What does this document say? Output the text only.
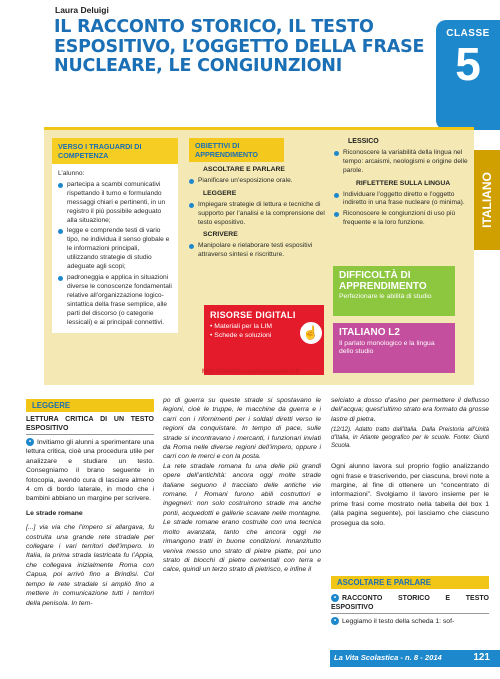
Laura Deluigi
IL RACCONTO STORICO, IL TESTO
ESPOSITIVO, L’OGGETTO DELLA FRASE
NUCLEARE, LE CONGIUNZIONI
CLASSE
5
ITALIANO
VERSO I TRAGUARDI DI COMPETENZA
L’alunno:
partecipa a scambi comunicativi rispettando il turno e formulando messaggi chiari e pertinenti, in un registro il più possibile adeguato alla situazione;
legge e comprende testi di vario tipo, ne individua il senso globale e le informazioni principali, utilizzando strategie di studio adeguate agli scopi;
padroneggia e applica in situazioni diverse le conoscenze fondamentali relative all’organizzazione logico-sintattica della frase semplice, alle parti del discorso (o categorie lessicali) e ai principali connettivi.
OBIETTIVI DI APPRENDIMENTO
ASCOLTARE E PARLARE
Pianificare un’esposizione orale.
LEGGERE
Impiegare strategie di lettura e tecniche di supporto per l’analisi e la comprensione del testo espositivo.
SCRIVERE
Manipolare e rielaborare testi espositivi attraverso sintesi e riscritture.
LESSICO
Riconoscere la variabilità della lingua nel tempo: arcaismi, neologismi e origine delle parole.
RIFLETTERE SULLA LINGUA
Individuare l’oggetto diretto e l’oggetto indiretto in una frase nucleare (o minima).
Riconoscere le congiunzioni di uso più frequente e la loro funzione.
RISORSE DIGITALI
• Materiali per la LIM
• Schede e soluzioni	☝
http://didattica.lavitascolastica.it
DIFFICOLTÀ DI APPRENDIMENTO
Perfezionare le abilità di studio
ITALIANO L2
Il parlato monologico e la lingua dello studio
LEGGERE
LETTURA CRITICA DI UN TESTO ESPOSITIVO
• Invitiamo gli alunni a sperimentare una lettura critica, cioè una procedura utile per analizzare e studiare un testo. Consegniamo il brano seguente in fotocopia, avendo cura di lasciare almeno 4 cm di bordo laterale, in modo che i bambini abbiano un margine per scrivere.
Le strade romane
[...] via via che l’impero si allargava, fu costruita una grande rete stradale per collegare i vari territori dell’impero. In Italia, la prima strada lastricata fu l’Appia, che collegava inizialmente Roma con Capua, poi arrivò fino a Brindisi. Col tempo le rete stradale si ampliò fino a mettere in comunicazione tutti i territori della penisola. In tem-
po di guerra su queste strade si spostavano le legioni, cioè le truppe, le macchine da guerra e i carri con i rifornimenti per i soldati diretti verso le regioni da conquistare. In tempo di pace, sulle strade si incontravano i mercanti, i funzionari inviati da Roma nelle diverse regioni dell’impero, oppure i carri con le merci e con la posta.
La rete stradale romana fu una delle più grandi opere dell’antichità: ancora oggi molte strade italiane seguono il tracciato delle antiche vie romane. I Romani furono abili costruttori e ingegneri: non solo costruirono strade ma anche ponti, acquedotti e gallerie scavate nelle montagne. Le strade romane erano costruite con una tecnica molto avanzata, tanto che ancora oggi ne rimangono tratti in buone condizioni. Innanzitutto veniva messo uno strato di pietre piatte, poi uno strato di blocchi di pietre cementati con terra e calce, quindi un terzo strato di pietrisco, e infine il
selciato a dosso d’asino per permettere il deflusso dell’acqua; quest’ultimo strato era formato da grosse lastre di pietra.
(12/12). Adatto tratto dall’Italia. Dalla Preistoria all’Unità d’Italia, in Atlante geografico per le scuole. Fonte: Giunti Scuola.
Ogni alunno lavora sul proprio foglio analizzando ogni frase e trascrivendo, per ciascuna, brevi note a margine, al fine di ottenere un “concentrato di informazioni”. Svolgiamo il lavoro insieme per le prime frasi come mostrato nella tabella del box 1 (alla pagina seguente), poi lasciamo che ciascuno prosegua da solo.
ASCOLTARE E PARLARE
• RACCONTO STORICO E TESTO ESPOSITIVO
• Leggiamo il testo della scheda 1: sof-
La Vita Scolastica - n. 8 - 2014	121
